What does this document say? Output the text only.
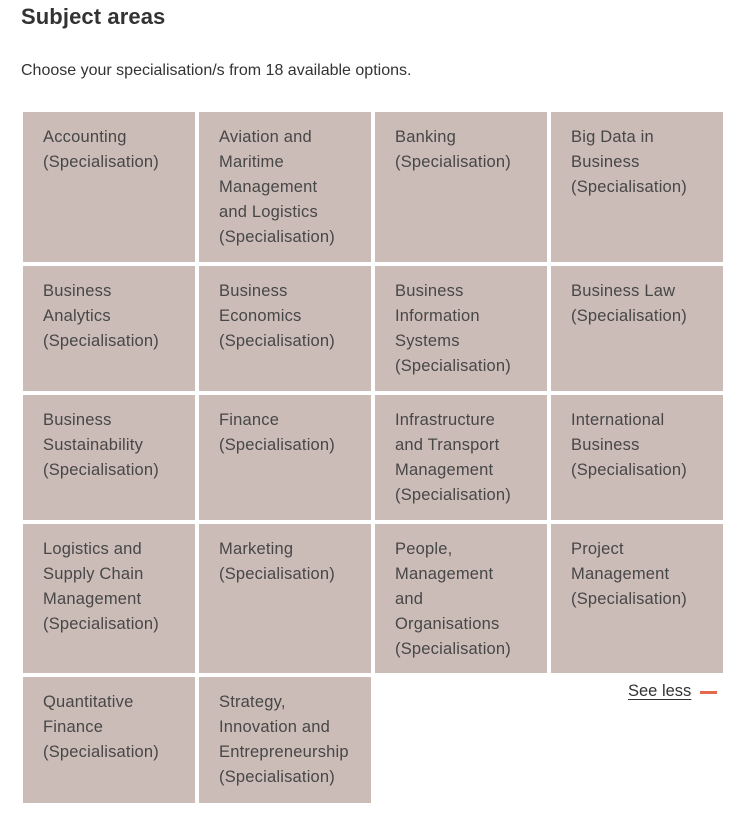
Subject areas

Choose your specialisation/s from 18 available options.

Accounting
(Specialisation)
Aviation and
Maritime
Management
and Logistics
(Specialisation)
Banking
(Specialisation)
Big Data in
Business
(Specialisation)
Business
Analytics
(Specialisation)
Business
Economics
(Specialisation)
Business
Information
Systems
(Specialisation)
Business Law
(Specialisation)
Business
Sustainability
(Specialisation)
Finance
(Specialisation)
Infrastructure
and Transport
Management
(Specialisation)
International
Business
(Specialisation)
Logistics and
Supply Chain
Management
(Specialisation)
Marketing
(Specialisation)
People,
Management
and
Organisations
(Specialisation)
Project
Management
(Specialisation)
Quantitative
Finance
(Specialisation)
Strategy,
Innovation and
Entrepreneurship
(Specialisation)
See less
